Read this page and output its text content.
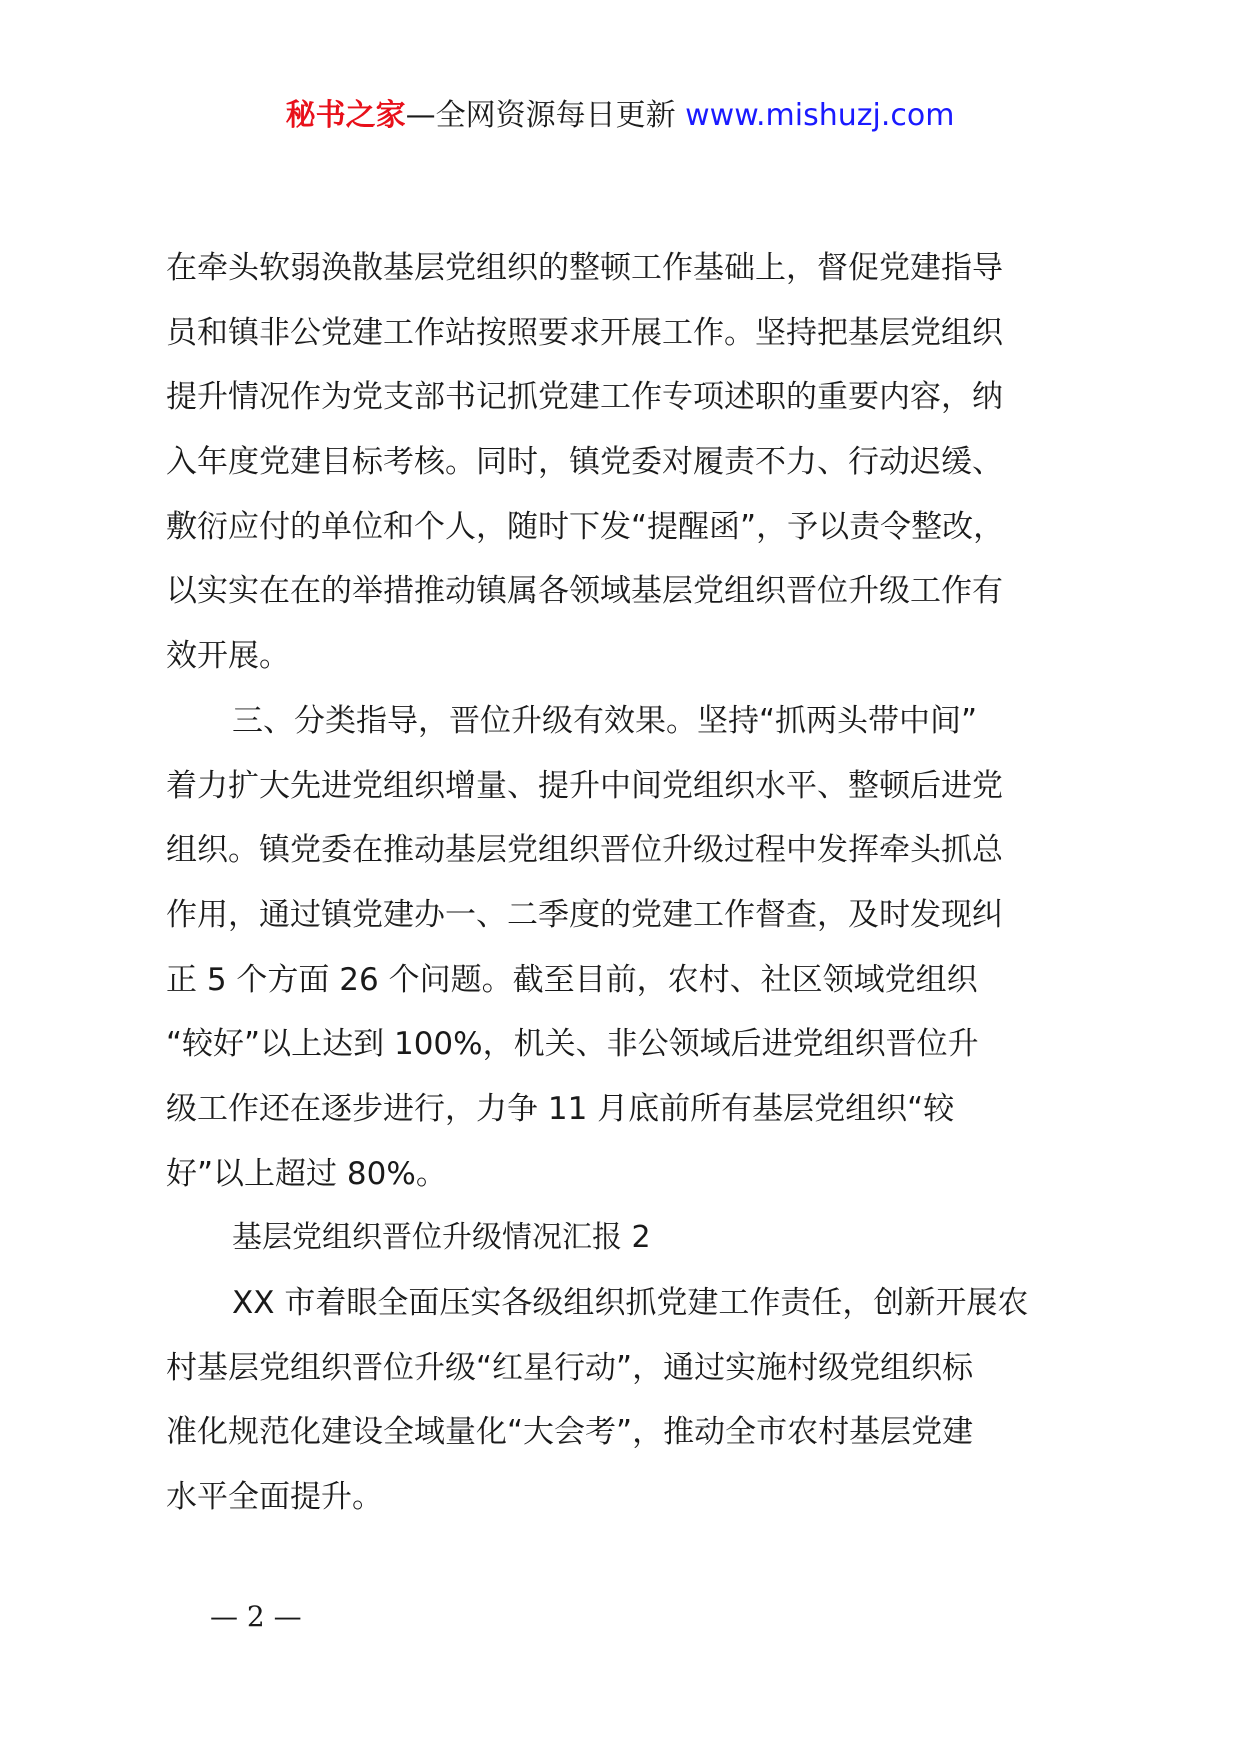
秘书之家—全网资源每日更新 www.mishuzj.com
在牵头软弱涣散基层党组织的整顿工作基础上，督促党建指导
员和镇非公党建工作站按照要求开展工作。坚持把基层党组织
提升情况作为党支部书记抓党建工作专项述职的重要内容，纳
入年度党建目标考核。同时，镇党委对履责不力、行动迟缓、
敷衍应付的单位和个人，随时下发“提醒函”，予以责令整改，
以实实在在的举措推动镇属各领域基层党组织晋位升级工作有
效开展。
三、分类指导，晋位升级有效果。坚持“抓两头带中间”
着力扩大先进党组织增量、提升中间党组织水平、整顿后进党
组织。镇党委在推动基层党组织晋位升级过程中发挥牵头抓总
作用，通过镇党建办一、二季度的党建工作督查，及时发现纠
正 5 个方面 26 个问题。截至目前，农村、社区领域党组织
“较好”以上达到 100%，机关、非公领域后进党组织晋位升
级工作还在逐步进行，力争 11 月底前所有基层党组织“较
好”以上超过 80%。
基层党组织晋位升级情况汇报 2
XX 市着眼全面压实各级组织抓党建工作责任，创新开展农
村基层党组织晋位升级“红星行动”，通过实施村级党组织标
准化规范化建设全域量化“大会考”，推动全市农村基层党建
水平全面提升。
— 2 —
